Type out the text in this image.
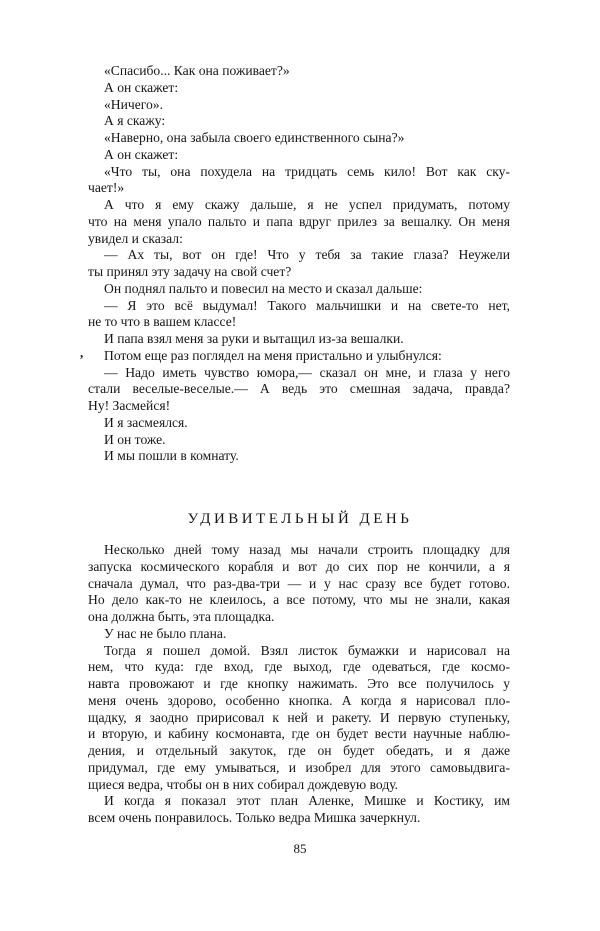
«Спасибо... Как она поживает?»
А он скажет:
«Ничего».
А я скажу:
«Наверно, она забыла своего единственного сына?»
А он скажет:
«Что ты, она похудела на тридцать семь кило! Вот как ску-
чает!»
А что я ему скажу дальше, я не успел придумать, потому
что на меня упало пальто и папа вдруг прилез за вешалку. Он меня
увидел и сказал:
— Ах ты, вот он где! Что у тебя за такие глаза? Неужели
ты принял эту задачу на свой счет?
Он поднял пальто и повесил на место и сказал дальше:
— Я это всё выдумал! Такого мальчишки и на свете-то нет,
не то что в вашем классе!
И папа взял меня за руки и вытащил из-за вешалки.
Потом еще раз поглядел на меня пристально и улыбнулся:
— Надо иметь чувство юмора,— сказал он мне, и глаза у него
стали веселые-веселые.— А ведь это смешная задача, правда?
Ну! Засмейся!
И я засмеялся.
И он тоже.
И мы пошли в комнату.
,
УДИВИТЕЛЬНЫЙ ДЕНЬ
Несколько дней тому назад мы начали строить площадку для
запуска космического корабля и вот до сих пор не кончили, а я
сначала думал, что раз-два-три — и у нас сразу все будет готово.
Но дело как-то не клеилось, а все потому, что мы не знали, какая
она должна быть, эта площадка.
У нас не было плана.
Тогда я пошел домой. Взял листок бумажки и нарисовал на
нем, что куда: где вход, где выход, где одеваться, где космо-
навта провожают и где кнопку нажимать. Это все получилось у
меня очень здорово, особенно кнопка. А когда я нарисовал пло-
щадку, я заодно пририсовал к ней и ракету. И первую ступеньку,
и вторую, и кабину космонавта, где он будет вести научные наблю-
дения, и отдельный закуток, где он будет обедать, и я даже
придумал, где ему умываться, и изобрел для этого самовыдвига-
щиеся ведра, чтобы он в них собирал дождевую воду.
И когда я показал этот план Аленке, Мишке и Костику, им
всем очень понравилось. Только ведра Мишка зачеркнул.
85
